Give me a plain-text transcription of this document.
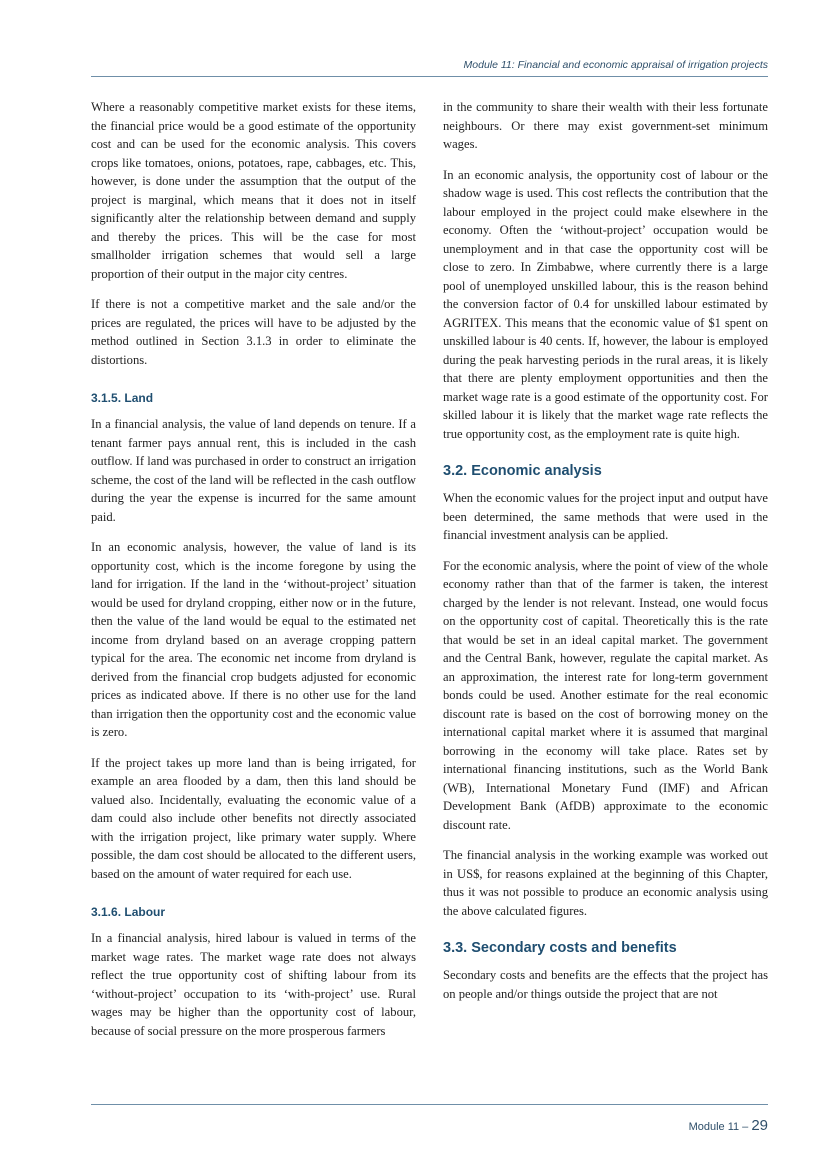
Module 11: Financial and economic appraisal of irrigation projects

Where a reasonably competitive market exists for these items, the financial price would be a good estimate of the opportunity cost and can be used for the economic analysis. This covers crops like tomatoes, onions, potatoes, rape, cabbages, etc. This, however, is done under the assumption that the output of the project is marginal, which means that it does not in itself significantly alter the relationship between demand and supply and thereby the prices. This will be the case for most smallholder irrigation schemes that would sell a large proportion of their output in the major city centres.

If there is not a competitive market and the sale and/or the prices are regulated, the prices will have to be adjusted by the method outlined in Section 3.1.3 in order to eliminate the distortions.

3.1.5. Land

In a financial analysis, the value of land depends on tenure. If a tenant farmer pays annual rent, this is included in the cash outflow. If land was purchased in order to construct an irrigation scheme, the cost of the land will be reflected in the cash outflow during the year the expense is incurred for the same amount paid.

In an economic analysis, however, the value of land is its opportunity cost, which is the income foregone by using the land for irrigation. If the land in the ‘without-project’ situation would be used for dryland cropping, either now or in the future, then the value of the land would be equal to the estimated net income from dryland based on an average cropping pattern typical for the area. The economic net income from dryland is derived from the financial crop budgets adjusted for economic prices as indicated above. If there is no other use for the land than irrigation then the opportunity cost and the economic value is zero.

If the project takes up more land than is being irrigated, for example an area flooded by a dam, then this land should be valued also. Incidentally, evaluating the economic value of a dam could also include other benefits not directly associated with the irrigation project, like primary water supply. Where possible, the dam cost should be allocated to the different users, based on the amount of water required for each use.

3.1.6. Labour

In a financial analysis, hired labour is valued in terms of the market wage rates. The market wage rate does not always reflect the true opportunity cost of shifting labour from its ‘without-project’ occupation to its ‘with-project’ use. Rural wages may be higher than the opportunity cost of labour, because of social pressure on the more prosperous farmers

in the community to share their wealth with their less fortunate neighbours. Or there may exist government-set minimum wages.

In an economic analysis, the opportunity cost of labour or the shadow wage is used. This cost reflects the contribution that the labour employed in the project could make elsewhere in the economy. Often the ‘without-project’ occupation would be unemployment and in that case the opportunity cost will be close to zero. In Zimbabwe, where currently there is a large pool of unemployed unskilled labour, this is the reason behind the conversion factor of 0.4 for unskilled labour estimated by AGRITEX. This means that the economic value of $1 spent on unskilled labour is 40 cents. If, however, the labour is employed during the peak harvesting periods in the rural areas, it is likely that there are plenty employment opportunities and then the market wage rate is a good estimate of the opportunity cost. For skilled labour it is likely that the market wage rate reflects the true opportunity cost, as the employment rate is quite high.

3.2. Economic analysis

When the economic values for the project input and output have been determined, the same methods that were used in the financial investment analysis can be applied.

For the economic analysis, where the point of view of the whole economy rather than that of the farmer is taken, the interest charged by the lender is not relevant. Instead, one would focus on the opportunity cost of capital. Theoretically this is the rate that would be set in an ideal capital market. The government and the Central Bank, however, regulate the capital market. As an approximation, the interest rate for long-term government bonds could be used. Another estimate for the real economic discount rate is based on the cost of borrowing money on the international capital market where it is assumed that marginal borrowing in the economy will take place. Rates set by international financing institutions, such as the World Bank (WB), International Monetary Fund (IMF) and African Development Bank (AfDB) approximate to the economic discount rate.

The financial analysis in the working example was worked out in US$, for reasons explained at the beginning of this Chapter, thus it was not possible to produce an economic analysis using the above calculated figures.

3.3. Secondary costs and benefits

Secondary costs and benefits are the effects that the project has on people and/or things outside the project that are not

Module 11 – 29
